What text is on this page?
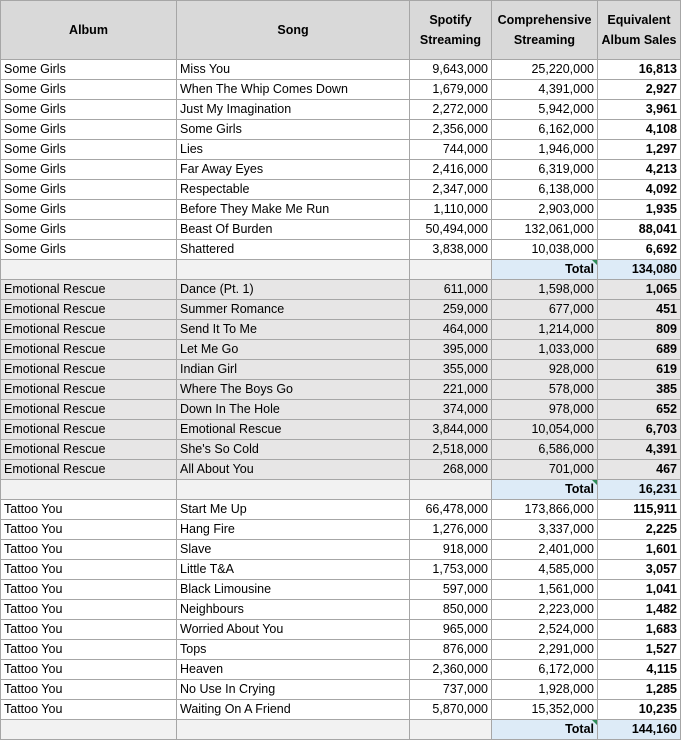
Album	Song	Spotify Streaming	Comprehensive Streaming	Equivalent Album Sales
Some Girls	Miss You	9,643,000	25,220,000	16,813
Some Girls	When The Whip Comes Down	1,679,000	4,391,000	2,927
Some Girls	Just My Imagination	2,272,000	5,942,000	3,961
Some Girls	Some Girls	2,356,000	6,162,000	4,108
Some Girls	Lies	744,000	1,946,000	1,297
Some Girls	Far Away Eyes	2,416,000	6,319,000	4,213
Some Girls	Respectable	2,347,000	6,138,000	4,092
Some Girls	Before They Make Me Run	1,110,000	2,903,000	1,935
Some Girls	Beast Of Burden	50,494,000	132,061,000	88,041
Some Girls	Shattered	3,838,000	10,038,000	6,692
			Total	134,080
Emotional Rescue	Dance (Pt. 1)	611,000	1,598,000	1,065
Emotional Rescue	Summer Romance	259,000	677,000	451
Emotional Rescue	Send It To Me	464,000	1,214,000	809
Emotional Rescue	Let Me Go	395,000	1,033,000	689
Emotional Rescue	Indian Girl	355,000	928,000	619
Emotional Rescue	Where The Boys Go	221,000	578,000	385
Emotional Rescue	Down In The Hole	374,000	978,000	652
Emotional Rescue	Emotional Rescue	3,844,000	10,054,000	6,703
Emotional Rescue	She's So Cold	2,518,000	6,586,000	4,391
Emotional Rescue	All About You	268,000	701,000	467
			Total	16,231
Tattoo You	Start Me Up	66,478,000	173,866,000	115,911
Tattoo You	Hang Fire	1,276,000	3,337,000	2,225
Tattoo You	Slave	918,000	2,401,000	1,601
Tattoo You	Little T&A	1,753,000	4,585,000	3,057
Tattoo You	Black Limousine	597,000	1,561,000	1,041
Tattoo You	Neighbours	850,000	2,223,000	1,482
Tattoo You	Worried About You	965,000	2,524,000	1,683
Tattoo You	Tops	876,000	2,291,000	1,527
Tattoo You	Heaven	2,360,000	6,172,000	4,115
Tattoo You	No Use In Crying	737,000	1,928,000	1,285
Tattoo You	Waiting On A Friend	5,870,000	15,352,000	10,235
			Total	144,160
